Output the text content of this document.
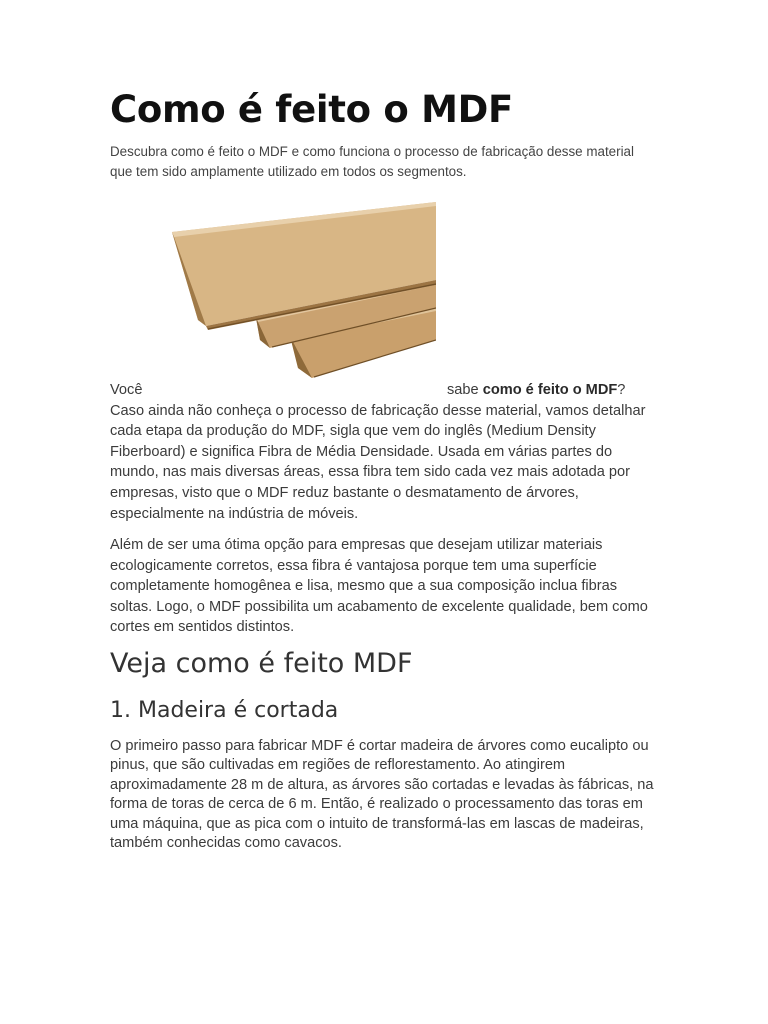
Como é feito o MDF

Descubra como é feito o MDF e como funciona o processo de fabricação desse material que tem sido amplamente utilizado em todos os segmentos.

Você	sabe como é feito o MDF?
Caso ainda não conheça o processo de fabricação desse material, vamos detalhar cada etapa da produção do MDF, sigla que vem do inglês (Medium Density Fiberboard) e significa Fibra de Média Densidade. Usada em várias partes do mundo, nas mais diversas áreas, essa fibra tem sido cada vez mais adotada por empresas, visto que o MDF reduz bastante o desmatamento de árvores, especialmente na indústria de móveis.

Além de ser uma ótima opção para empresas que desejam utilizar materiais ecologicamente corretos, essa fibra é vantajosa porque tem uma superfície completamente homogênea e lisa, mesmo que a sua composição inclua fibras soltas. Logo, o MDF possibilita um acabamento de excelente qualidade, bem como cortes em sentidos distintos.

Veja como é feito MDF
1. Madeira é cortada

O primeiro passo para fabricar MDF é cortar madeira de árvores como eucalipto ou pinus, que são cultivadas em regiões de reflorestamento. Ao atingirem aproximadamente 28 m de altura, as árvores são cortadas e levadas às fábricas, na forma de toras de cerca de 6 m. Então, é realizado o processamento das toras em uma máquina, que as pica com o intuito de transformá-las em lascas de madeiras, também conhecidas como cavacos.
